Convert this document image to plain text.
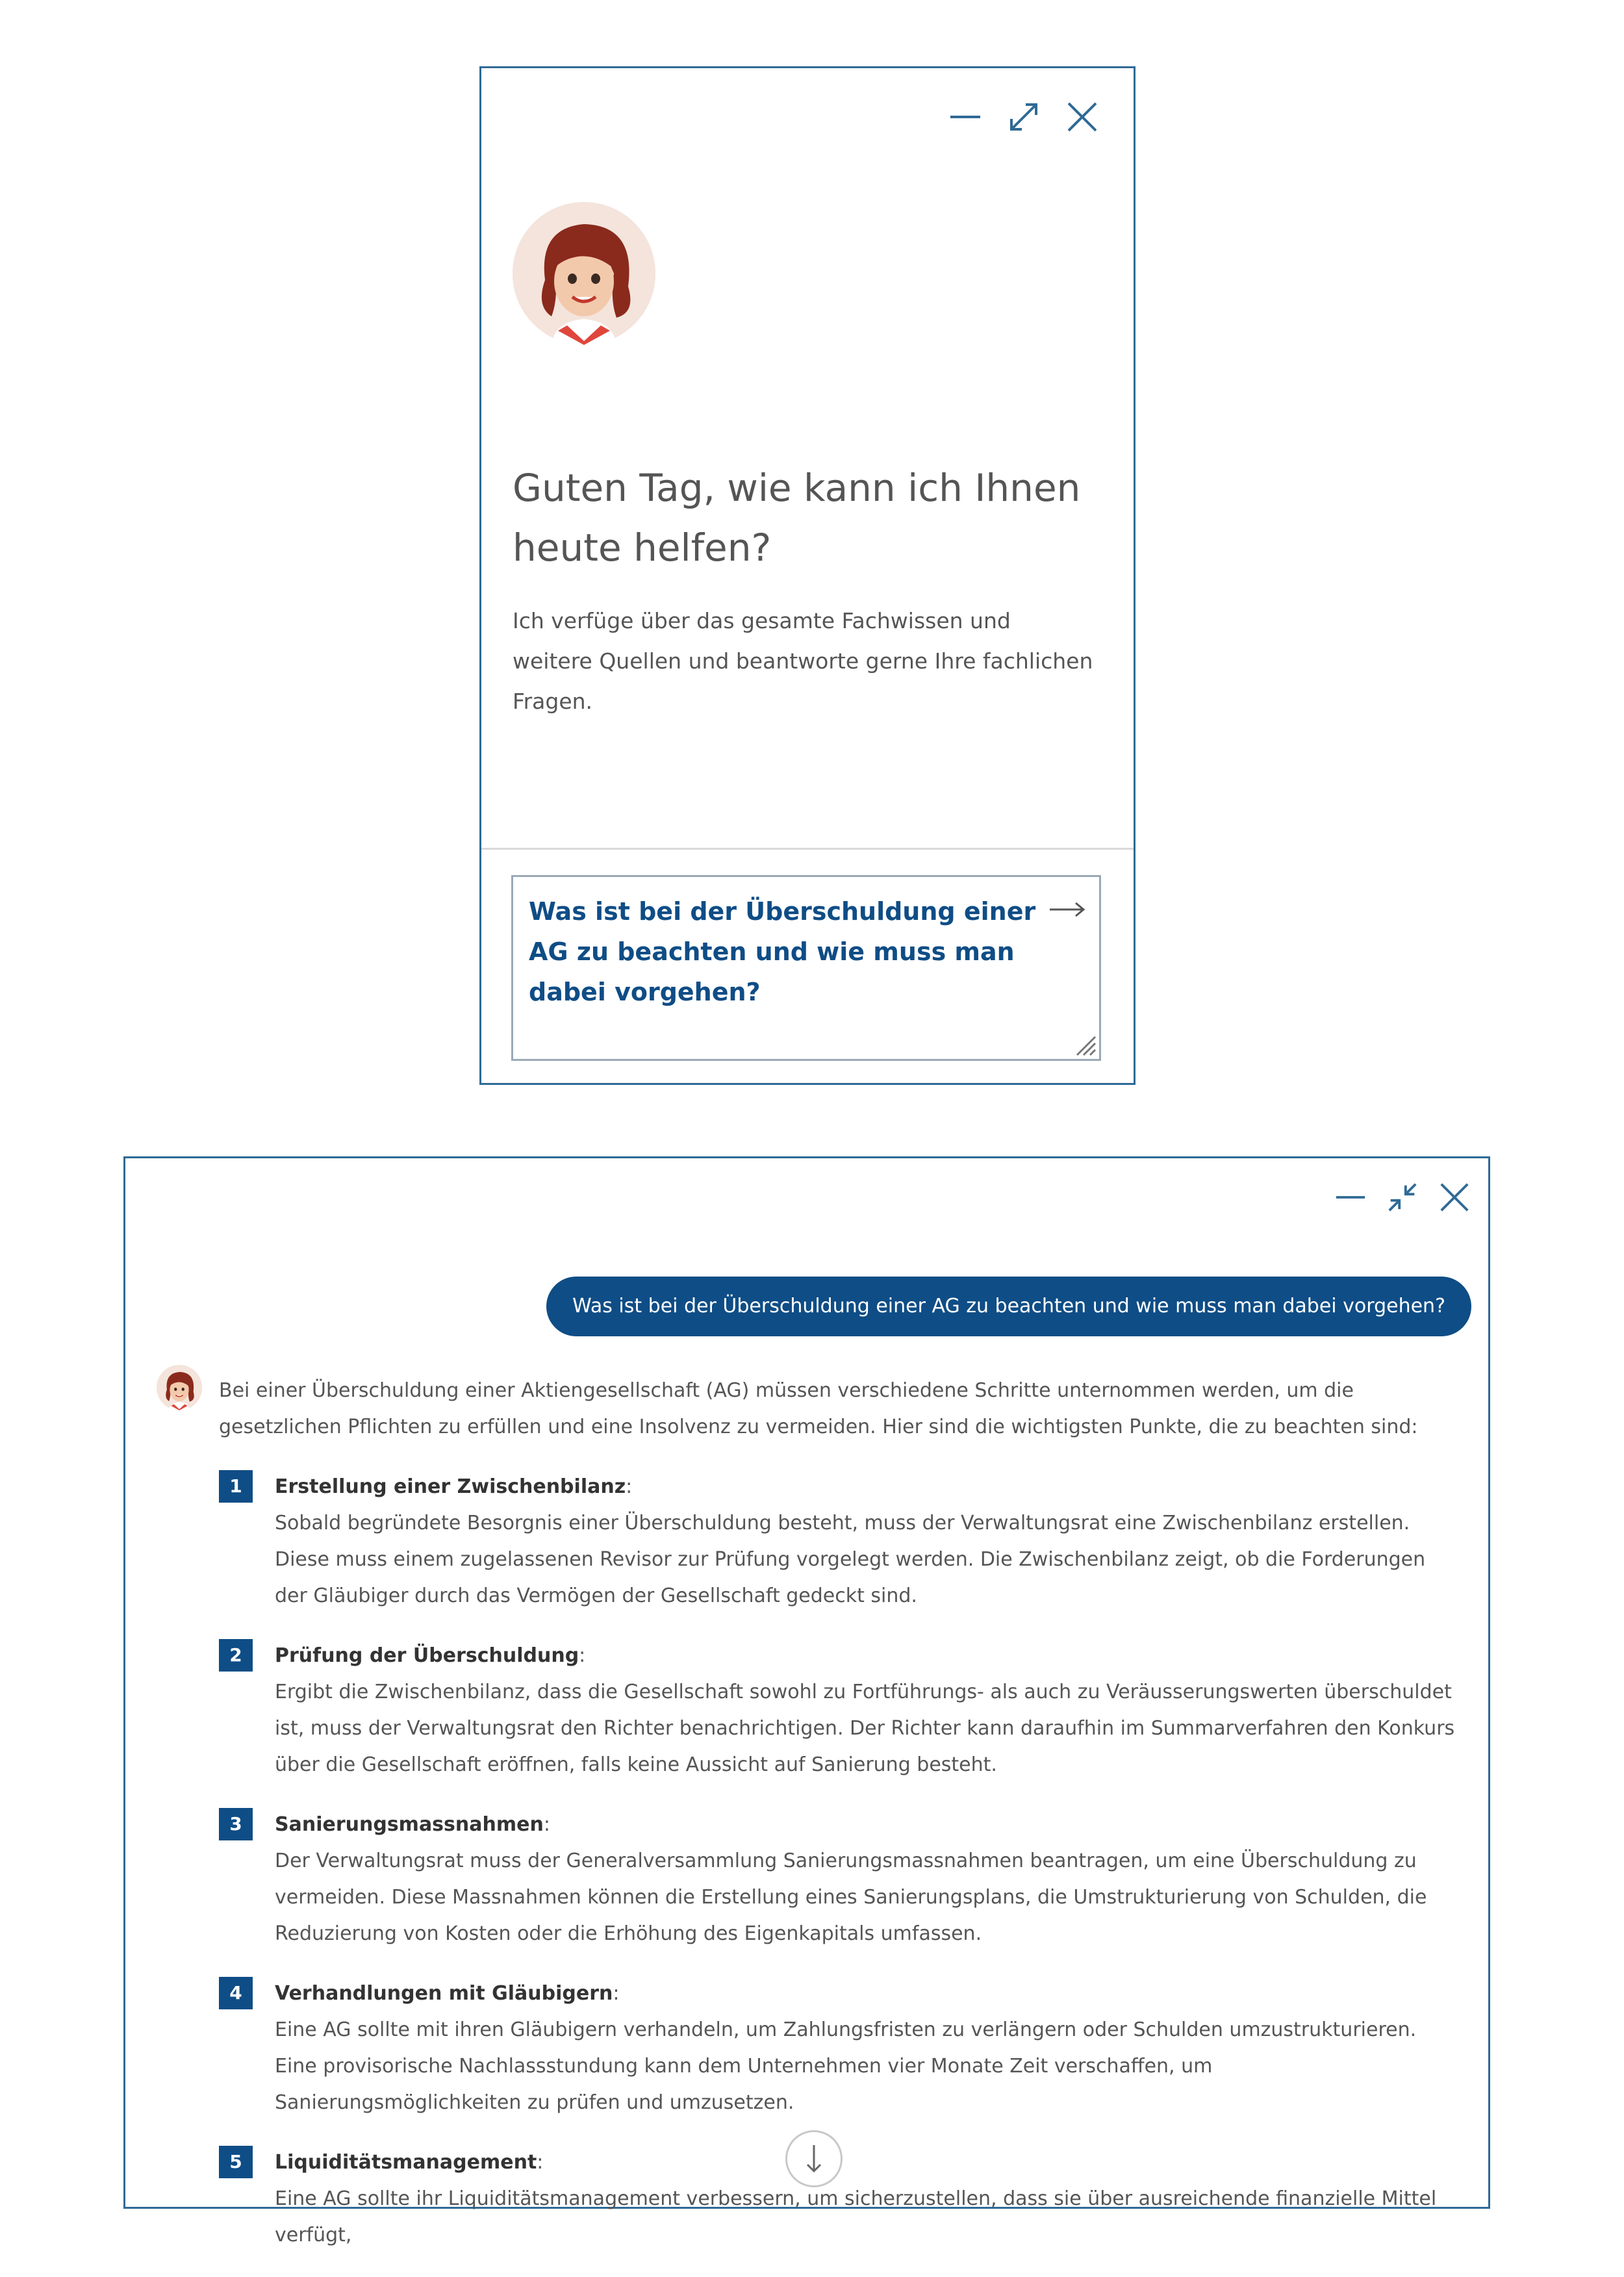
Guten Tag, wie kann ich Ihnen heute helfen?

Ich verfüge über das gesamte Fachwissen und weitere Quellen und beantworte gerne Ihre fachlichen Fragen.

Was ist bei der Überschuldung einer AG zu beachten und wie muss man dabei vorgehen?
Was ist bei der Überschuldung einer AG zu beachten und wie muss man dabei vorgehen?

Bei einer Überschuldung einer Aktiengesellschaft (AG) müssen verschiedene Schritte unternommen werden, um die gesetzlichen Pflichten zu erfüllen und eine Insolvenz zu vermeiden. Hier sind die wichtigsten Punkte, die zu beachten sind:

1	Erstellung einer Zwischenbilanz:
Sobald begründete Besorgnis einer Überschuldung besteht, muss der Verwaltungsrat eine Zwischenbilanz erstellen. Diese muss einem zugelassenen Revisor zur Prüfung vorgelegt werden. Die Zwischenbilanz zeigt, ob die Forderungen der Gläubiger durch das Vermögen der Gesellschaft gedeckt sind.
2	Prüfung der Überschuldung:
Ergibt die Zwischenbilanz, dass die Gesellschaft sowohl zu Fortführungs- als auch zu Veräusserungswerten überschuldet ist, muss der Verwaltungsrat den Richter benachrichtigen. Der Richter kann daraufhin im Summarverfahren den Konkurs über die Gesellschaft eröffnen, falls keine Aussicht auf Sanierung besteht.
3	Sanierungsmassnahmen:
Der Verwaltungsrat muss der Generalversammlung Sanierungsmassnahmen beantragen, um eine Überschuldung zu vermeiden. Diese Massnahmen können die Erstellung eines Sanierungsplans, die Umstrukturierung von Schulden, die Reduzierung von Kosten oder die Erhöhung des Eigenkapitals umfassen.
4	Verhandlungen mit Gläubigern:
Eine AG sollte mit ihren Gläubigern verhandeln, um Zahlungsfristen zu verlängern oder Schulden umzustrukturieren. Eine provisorische Nachlassstundung kann dem Unternehmen vier Monate Zeit verschaffen, um Sanierungsmöglichkeiten zu prüfen und umzusetzen.
5	Liquiditätsmanagement:
Eine AG sollte ihr Liquiditätsmanagement verbessern, um sicherzustellen, dass sie über ausreichende finanzielle Mittel verfügt,
